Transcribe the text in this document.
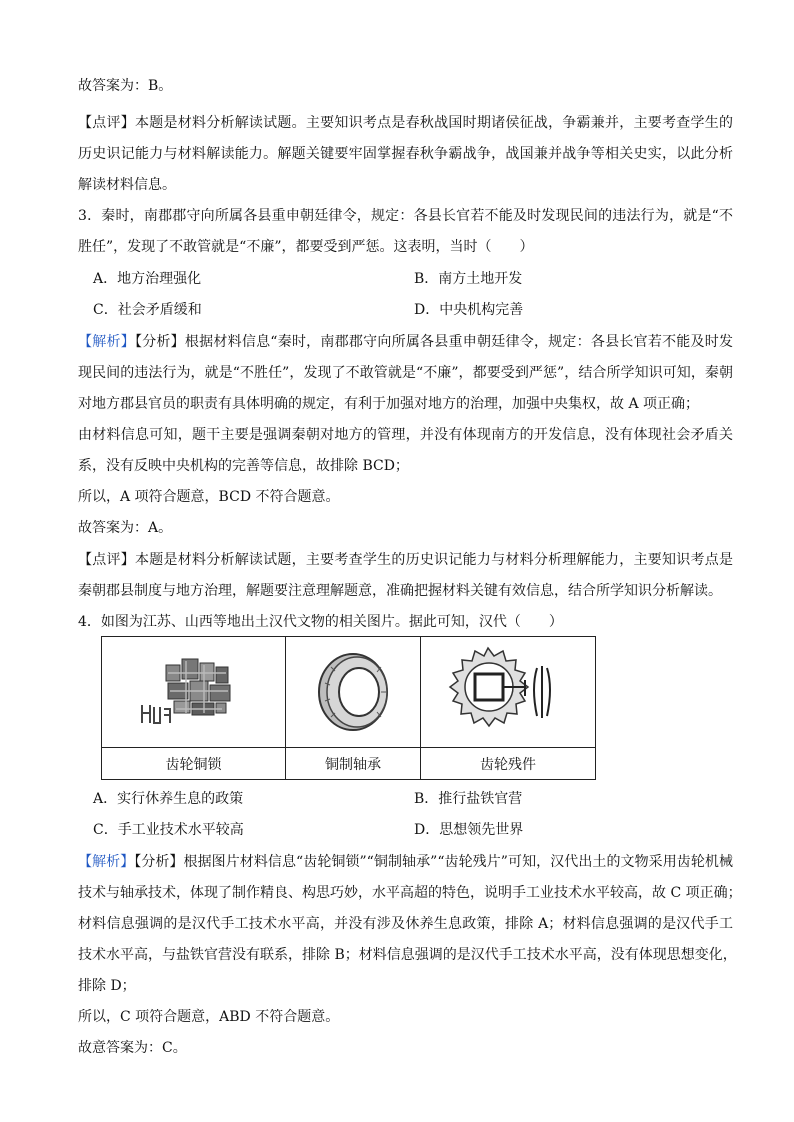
故答案为：B。
【点评】本题是材料分析解读试题。主要知识考点是春秋战国时期诸侯征战，争霸兼并，主要考查学生的
历史识记能力与材料解读能力。解题关键要牢固掌握春秋争霸战争，战国兼并战争等相关史实，以此分析
解读材料信息。
3．秦时，南郡郡守向所属各县重申朝廷律令，规定：各县长官若不能及时发现民间的违法行为，就是“不
胜任”，发现了不敢管就是“不廉”，都要受到严惩。这表明，当时（　　）
A．地方治理强化	B．南方土地开发
C．社会矛盾缓和	D．中央机构完善
【解析】【分析】根据材料信息“秦时，南郡郡守向所属各县重申朝廷律令，规定：各县长官若不能及时发
现民间的违法行为，就是“不胜任”，发现了不敢管就是“不廉”，都要受到严惩”，结合所学知识可知，秦朝
对地方郡县官员的职责有具体明确的规定，有利于加强对地方的治理，加强中央集权，故 A 项正确；
由材料信息可知，题干主要是强调秦朝对地方的管理，并没有体现南方的开发信息，没有体现社会矛盾关
系，没有反映中央机构的完善等信息，故排除 BCD；
所以，A 项符合题意，BCD 不符合题意。
故答案为：A。
【点评】本题是材料分析解读试题，主要考查学生的历史识记能力与材料分析理解能力，主要知识考点是
秦朝郡县制度与地方治理，解题要注意理解题意，准确把握材料关键有效信息，结合所学知识分析解读。
4．如图为江苏、山西等地出土汉代文物的相关图片。据此可知，汉代（　　）

齿轮铜锁	铜制轴承	齿轮残件
A．实行休养生息的政策	B．推行盐铁官营
C．手工业技术水平较高	D．思想领先世界
【解析】【分析】根据图片材料信息“齿轮铜锁”“铜制轴承”“齿轮残片”可知，汉代出土的文物采用齿轮机械
技术与轴承技术，体现了制作精良、构思巧妙，水平高超的特色，说明手工业技术水平较高，故 C 项正确；
材料信息强调的是汉代手工技术水平高，并没有涉及休养生息政策，排除 A；材料信息强调的是汉代手工
技术水平高，与盐铁官营没有联系，排除 B；材料信息强调的是汉代手工技术水平高，没有体现思想变化，
排除 D；
所以，C 项符合题意，ABD 不符合题意。
故意答案为：C。
